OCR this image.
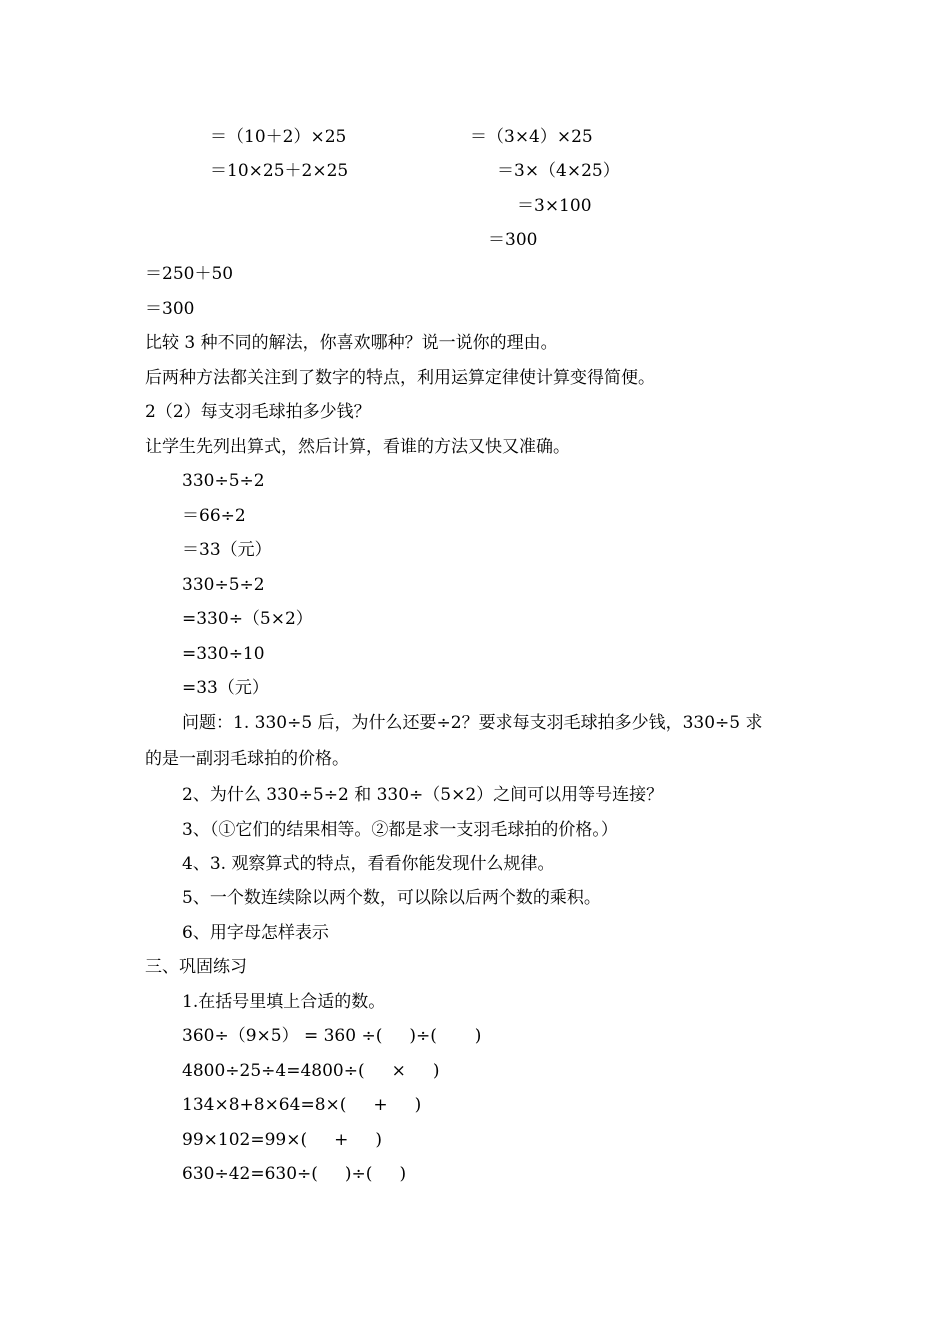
＝（10＋2）×25
＝10×25＋2×25
＝（3×4）×25
＝3×（4×25）
＝3×100
＝300
＝250＋50
＝300
比较 3 种不同的解法，你喜欢哪种？说一说你的理由。
后两种方法都关注到了数字的特点，利用运算定律使计算变得简便。
2（2）每支羽毛球拍多少钱？
让学生先列出算式，然后计算，看谁的方法又快又准确。
330÷5÷2
＝66÷2
＝33（元）
330÷5÷2
=330÷（5×2）
=330÷10
=33（元）
问题：1. 330÷5 后，为什么还要÷2？要求每支羽毛球拍多少钱，330÷5 求
的是一副羽毛球拍的价格。
2、为什么 330÷5÷2 和 330÷（5×2）之间可以用等号连接？
3、（①它们的结果相等。②都是求一支羽毛球拍的价格。）
4、3. 观察算式的特点，看看你能发现什么规律。
5、一个数连续除以两个数，可以除以后两个数的乘积。
6、用字母怎样表示
三、巩固练习
1.在括号里填上合适的数。
360÷（9×5） = 360 ÷(     )÷(       )
4800÷25÷4=4800÷(     ×     )
134×8+8×64=8×(     +     )
99×102=99×(     +     )
630÷42=630÷(     )÷(     )
